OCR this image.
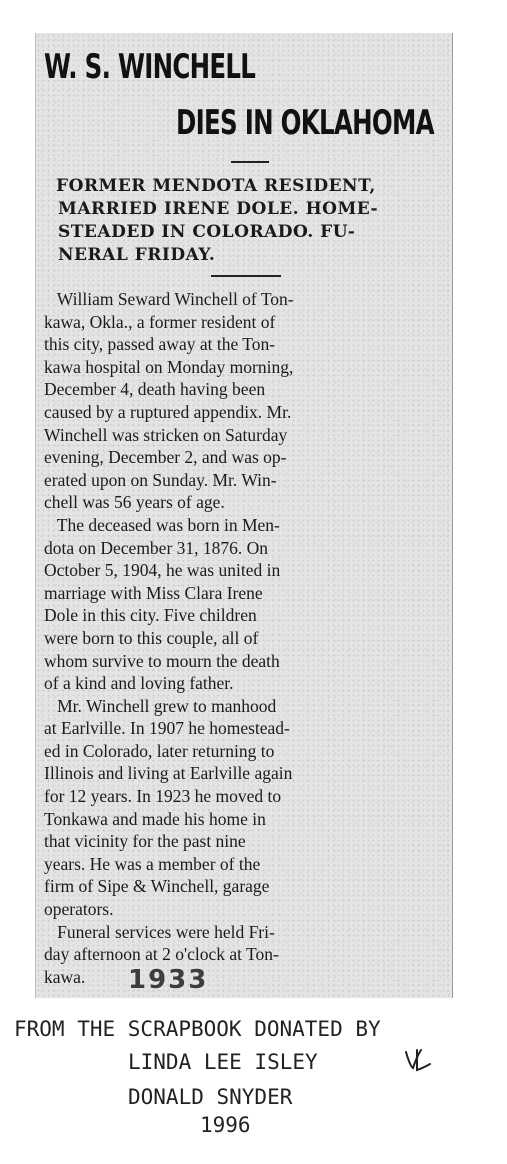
W. S. WINCHELL
DIES IN OKLAHOMA
FORMER MENDOTA RESIDENT,
MARRIED IRENE DOLE. HOME-
STEADED IN COLORADO. FU-
NERAL FRIDAY.
William Seward Winchell of Ton-
kawa, Okla., a former resident of
this city, passed away at the Ton-
kawa hospital on Monday morning,
December 4, death having been
caused by a ruptured appendix. Mr.
Winchell was stricken on Saturday
evening, December 2, and was op-
erated upon on Sunday. Mr. Win-
chell was 56 years of age.
The deceased was born in Men-
dota on December 31, 1876. On
October 5, 1904, he was united in
marriage with Miss Clara Irene
Dole in this city. Five children
were born to this couple, all of
whom survive to mourn the death
of a kind and loving father.
Mr. Winchell grew to manhood
at Earlville. In 1907 he homestead-
ed in Colorado, later returning to
Illinois and living at Earlville again
for 12 years. In 1923 he moved to
Tonkawa and made his home in
that vicinity for the past nine
years. He was a member of the
firm of Sipe & Winchell, garage
operators.
Funeral services were held Fri-
day afternoon at 2 o'clock at Ton-
kawa.	1933
FROM THE SCRAPBOOK DONATED BY
LINDA LEE ISLEY
DONALD SNYDER
1996
